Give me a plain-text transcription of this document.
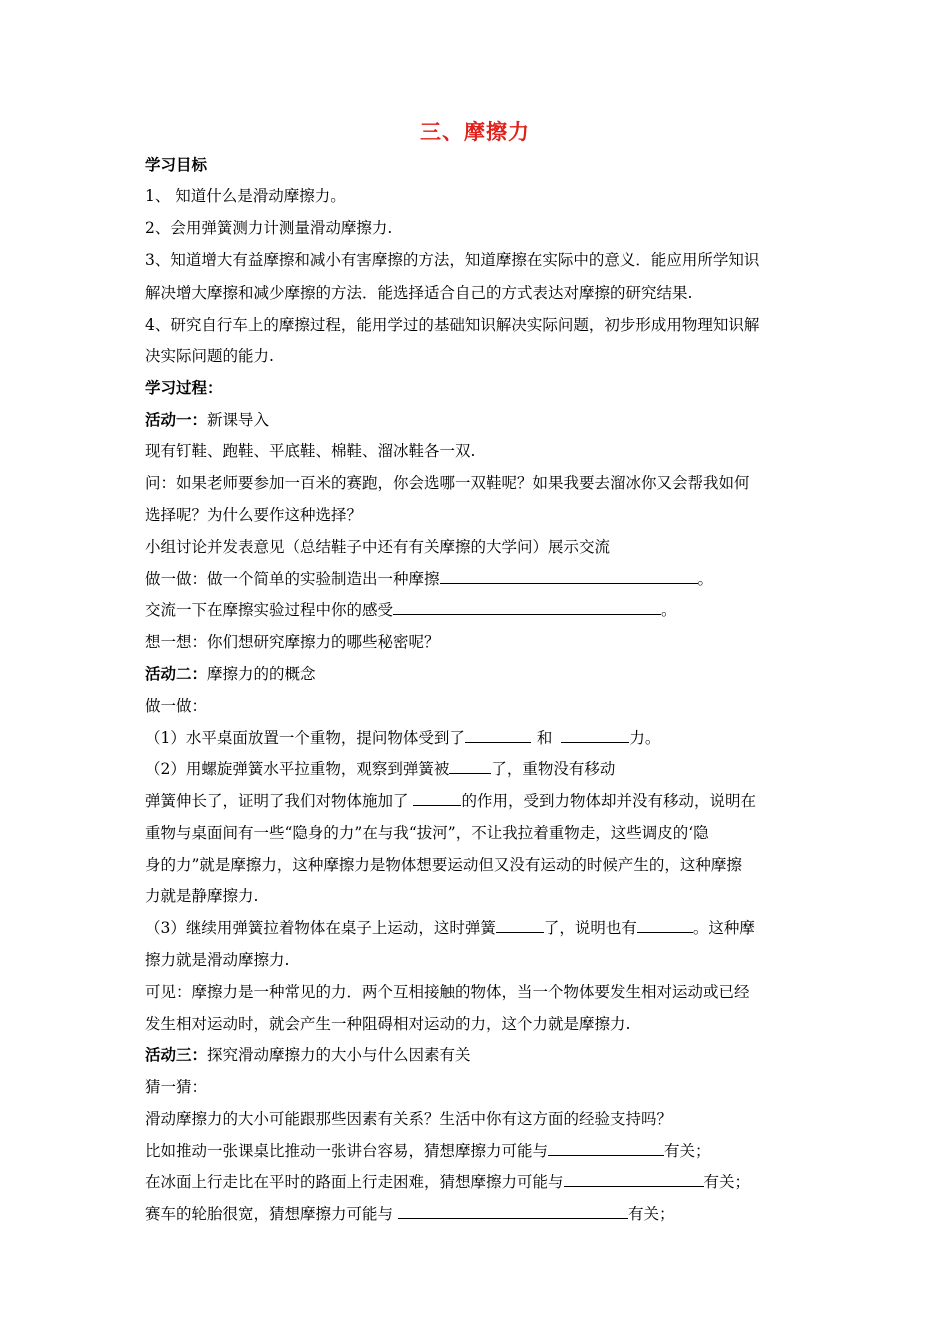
三、摩擦力
学习目标
1、 知道什么是滑动摩擦力。
2、会用弹簧测力计测量滑动摩擦力.
3、知道增大有益摩擦和减小有害摩擦的方法，知道摩擦在实际中的意义．能应用所学知识
解决增大摩擦和减少摩擦的方法．能选择适合自己的方式表达对摩擦的研究结果.
4、研究自行车上的摩擦过程，能用学过的基础知识解决实际问题，初步形成用物理知识解
决实际问题的能力.
学习过程：
活动一：新课导入
现有钉鞋、跑鞋、平底鞋、棉鞋、溜冰鞋各一双.
问：如果老师要参加一百米的赛跑，你会选哪一双鞋呢？如果我要去溜冰你又会帮我如何
选择呢？为什么要作这种选择？
小组讨论并发表意见（总结鞋子中还有有关摩擦的大学问）展示交流
做一做：做一个简单的实验制造出一种摩擦	。
交流一下在摩擦实验过程中你的感受	。
想一想：你们想研究摩擦力的哪些秘密呢？
活动二：摩擦力的的概念
做一做：
（1）水平桌面放置一个重物，提问物体受到了	和	力。
（2）用螺旋弹簧水平拉重物，观察到弹簧被	了，重物没有移动
弹簧伸长了，证明了我们对物体施加了	的作用，受到力物体却并没有移动，说明在
重物与桌面间有一些“隐身的力”在与我“拔河”，不让我拉着重物走，这些调皮的‘隐
身的力”就是摩擦力，这种摩擦力是物体想要运动但又没有运动的时候产生的，这种摩擦
力就是静摩擦力.
（3）继续用弹簧拉着物体在桌子上运动，这时弹簧	了，说明也有	。这种摩
擦力就是滑动摩擦力.
可见：摩擦力是一种常见的力．两个互相接触的物体，当一个物体要发生相对运动或已经
发生相对运动时，就会产生一种阻碍相对运动的力，这个力就是摩擦力.
活动三：探究滑动摩擦力的大小与什么因素有关
猜一猜：
滑动摩擦力的大小可能跟那些因素有关系？生活中你有这方面的经验支持吗？
比如推动一张课桌比推动一张讲台容易，猜想摩擦力可能与	有关；
在冰面上行走比在平时的路面上行走困难，猜想摩擦力可能与	有关；
赛车的轮胎很宽，猜想摩擦力可能与	有关；
